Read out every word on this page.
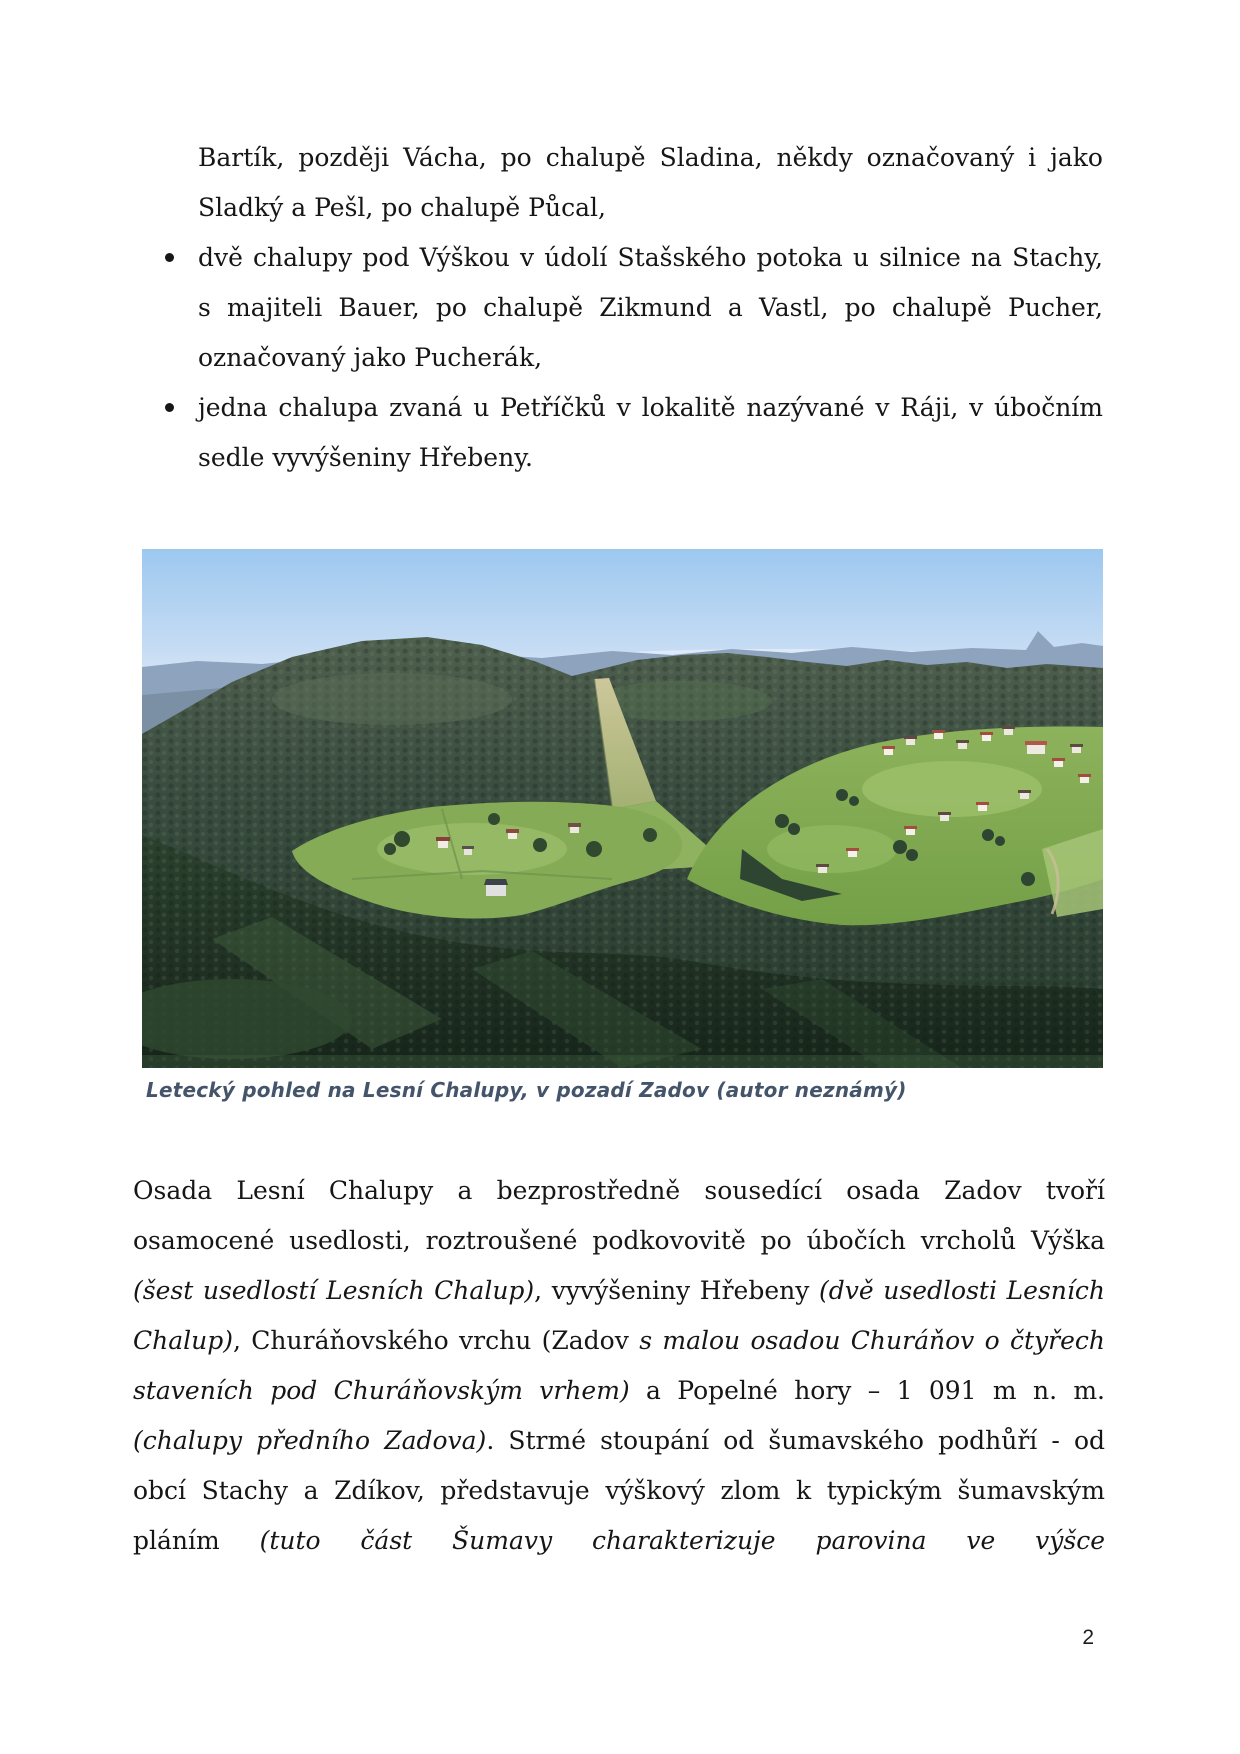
Bartík, později Vácha, po chalupě Sladina, někdy označovaný i jako Sladký a Pešl, po chalupě Půcal,
dvě chalupy pod Výškou v údolí Stašského potoka u silnice na Stachy, s majiteli Bauer, po chalupě Zikmund a Vastl, po chalupě Pucher, označovaný jako Pucherák,
jedna chalupa zvaná u Petříčků v lokalitě nazývané v Ráji, v úbočním sedle vyvýšeniny Hřebeny.
Letecký pohled na Lesní Chalupy, v pozadí Zadov (autor neznámý)
Osada Lesní Chalupy a bezprostředně sousedící osada Zadov tvoří osamocené usedlosti, roztroušené podkovovitě po úbočích vrcholů Výška (šest usedlostí Lesních Chalup), vyvýšeniny Hřebeny (dvě usedlosti Lesních Chalup), Churáňovského vrchu (Zadov s malou osadou Churáňov o čtyřech staveních pod Churáňovským vrhem) a Popelné hory – 1 091 m n. m. (chalupy předního Zadova). Strmé stoupání od šumavského podhůří - od obcí Stachy a Zdíkov, představuje výškový zlom k typickým šumavským pláním (tuto část Šumavy charakterizuje parovina ve výšce
2
